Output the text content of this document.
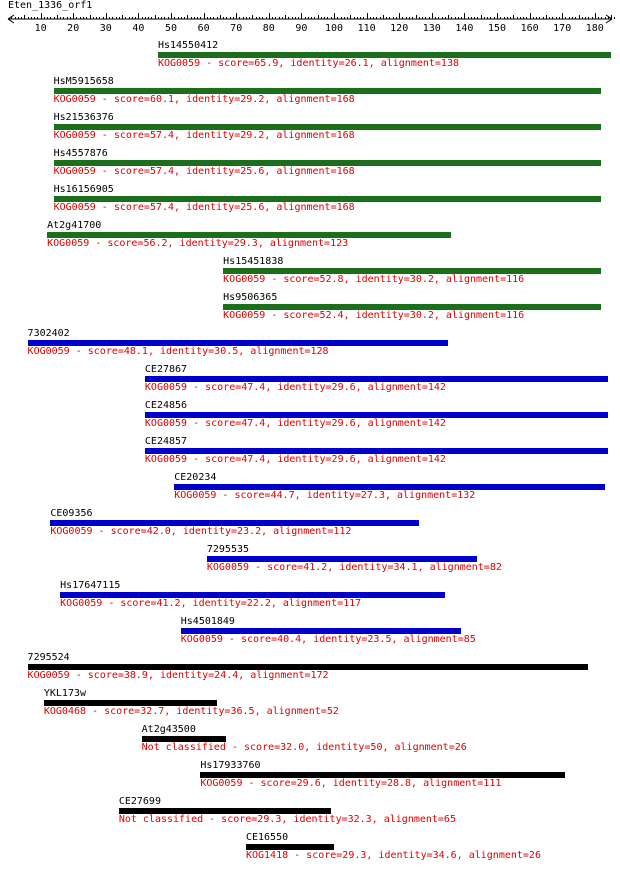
Eten_1336_orf1
10 20 30 40 50 60 70 80 90 100 110 120 130 140 150 160 170 180
Hs14550412
KOG0059 - score=65.9, identity=26.1, alignment=138
HsM5915658
KOG0059 - score=60.1, identity=29.2, alignment=168
Hs21536376
KOG0059 - score=57.4, identity=29.2, alignment=168
Hs4557876
KOG0059 - score=57.4, identity=25.6, alignment=168
Hs16156905
KOG0059 - score=57.4, identity=25.6, alignment=168
At2g41700
KOG0059 - score=56.2, identity=29.3, alignment=123
Hs15451838
KOG0059 - score=52.8, identity=30.2, alignment=116
Hs9506365
KOG0059 - score=52.4, identity=30.2, alignment=116
7302402
KOG0059 - score=48.1, identity=30.5, alignment=128
CE27867
KOG0059 - score=47.4, identity=29.6, alignment=142
CE24856
KOG0059 - score=47.4, identity=29.6, alignment=142
CE24857
KOG0059 - score=47.4, identity=29.6, alignment=142
CE20234
KOG0059 - score=44.7, identity=27.3, alignment=132
CE09356
KOG0059 - score=42.0, identity=23.2, alignment=112
7295535
KOG0059 - score=41.2, identity=34.1, alignment=82
Hs17647115
KOG0059 - score=41.2, identity=22.2, alignment=117
Hs4501849
KOG0059 - score=40.4, identity=23.5, alignment=85
7295524
KOG0059 - score=38.9, identity=24.4, alignment=172
YKL173w
KOG0468 - score=32.7, identity=36.5, alignment=52
At2g43500
Not classified - score=32.0, identity=50, alignment=26
Hs17933760
KOG0059 - score=29.6, identity=28.8, alignment=111
CE27699
Not classified - score=29.3, identity=32.3, alignment=65
CE16550
KOG1418 - score=29.3, identity=34.6, alignment=26
